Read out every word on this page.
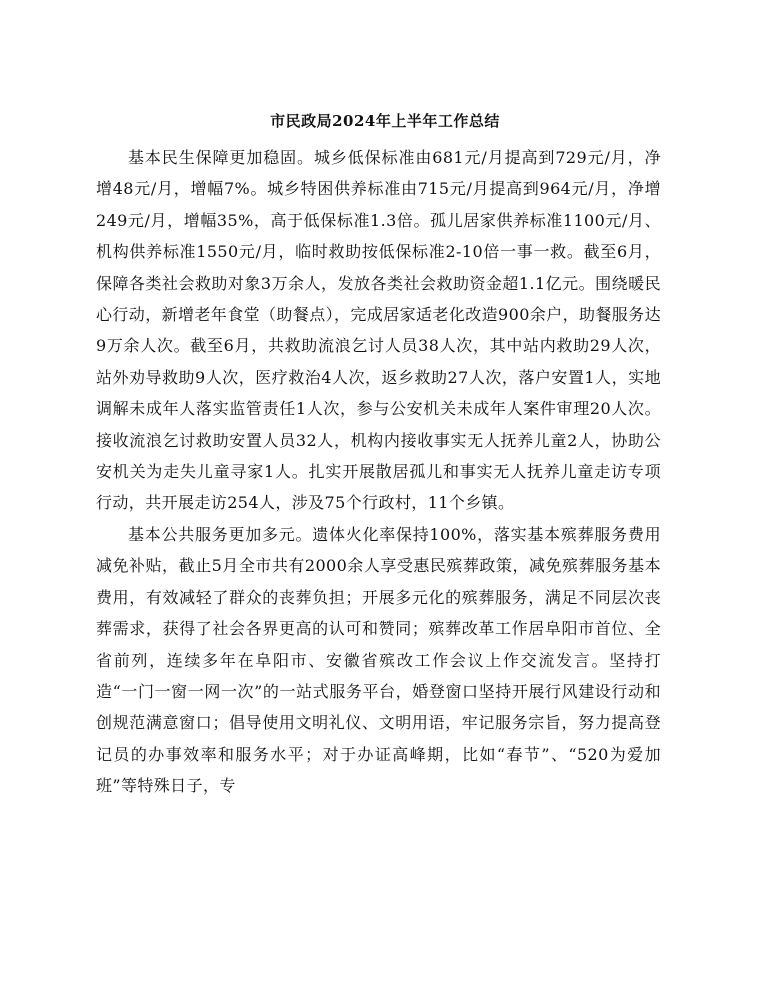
市民政局2024年上半年工作总结

基本民生保障更加稳固。城乡低保标准由681元/月提高到729元/月，净增48元/月，增幅7%。城乡特困供养标准由715元/月提高到964元/月，净增249元/月，增幅35%，高于低保标准1.3倍。孤儿居家供养标准1100元/月、机构供养标准1550元/月，临时救助按低保标准2-10倍一事一救。截至6月，保障各类社会救助对象3万余人，发放各类社会救助资金超1.1亿元。围绕暖民心行动，新增老年食堂（助餐点），完成居家适老化改造900余户，助餐服务达9万余人次。截至6月，共救助流浪乞讨人员38人次，其中站内救助29人次，站外劝导救助9人次，医疗救治4人次，返乡救助27人次，落户安置1人，实地调解未成年人落实监管责任1人次，参与公安机关未成年人案件审理20人次。接收流浪乞讨救助安置人员32人，机构内接收事实无人抚养儿童2人，协助公安机关为走失儿童寻家1人。扎实开展散居孤儿和事实无人抚养儿童走访专项行动，共开展走访254人，涉及75个行政村，11个乡镇。

基本公共服务更加多元。遗体火化率保持100%，落实基本殡葬服务费用减免补贴，截止5月全市共有2000余人享受惠民殡葬政策，减免殡葬服务基本费用，有效减轻了群众的丧葬负担；开展多元化的殡葬服务，满足不同层次丧葬需求，获得了社会各界更高的认可和赞同；殡葬改革工作居阜阳市首位、全省前列，连续多年在阜阳市、安徽省殡改工作会议上作交流发言。坚持打造“一门一窗一网一次”的一站式服务平台，婚登窗口坚持开展行风建设行动和创规范满意窗口；倡导使用文明礼仪、文明用语，牢记服务宗旨，努力提高登记员的办事效率和服务水平；对于办证高峰期，比如“春节”、“520为爱加班”等特殊日子，专
